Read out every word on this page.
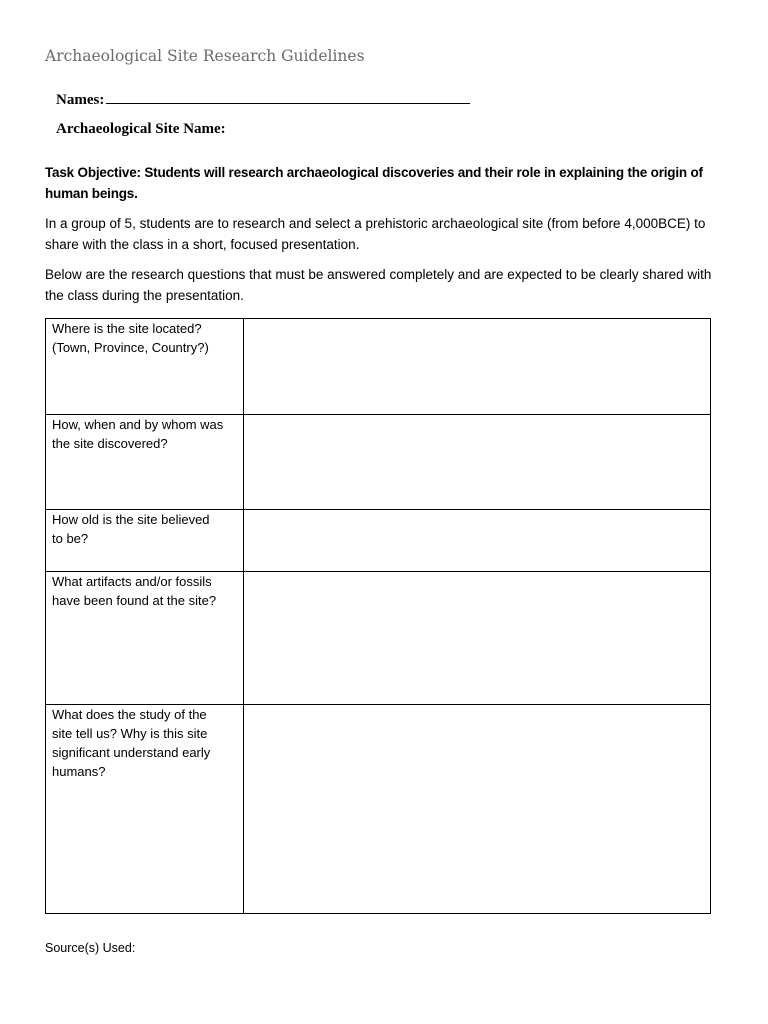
Archaeological Site Research Guidelines
Names:
Archaeological Site Name:
Task Objective: Students will research archaeological discoveries and their role in explaining the origin of human beings.
In a group of 5, students are to research and select a prehistoric archaeological site (from before 4,000BCE) to share with the class in a short, focused presentation.
Below are the research questions that must be answered completely and are expected to be clearly shared with the class during the presentation.
Where is the site located?
(Town, Province, Country?)	

How, when and by whom was
the site discovered?	

How old is the site believed
to be?	

What artifacts and/or fossils
have been found at the site?	

What does the study of the
site tell us? Why is this site
significant understand early
humans?	

Source(s) Used:
